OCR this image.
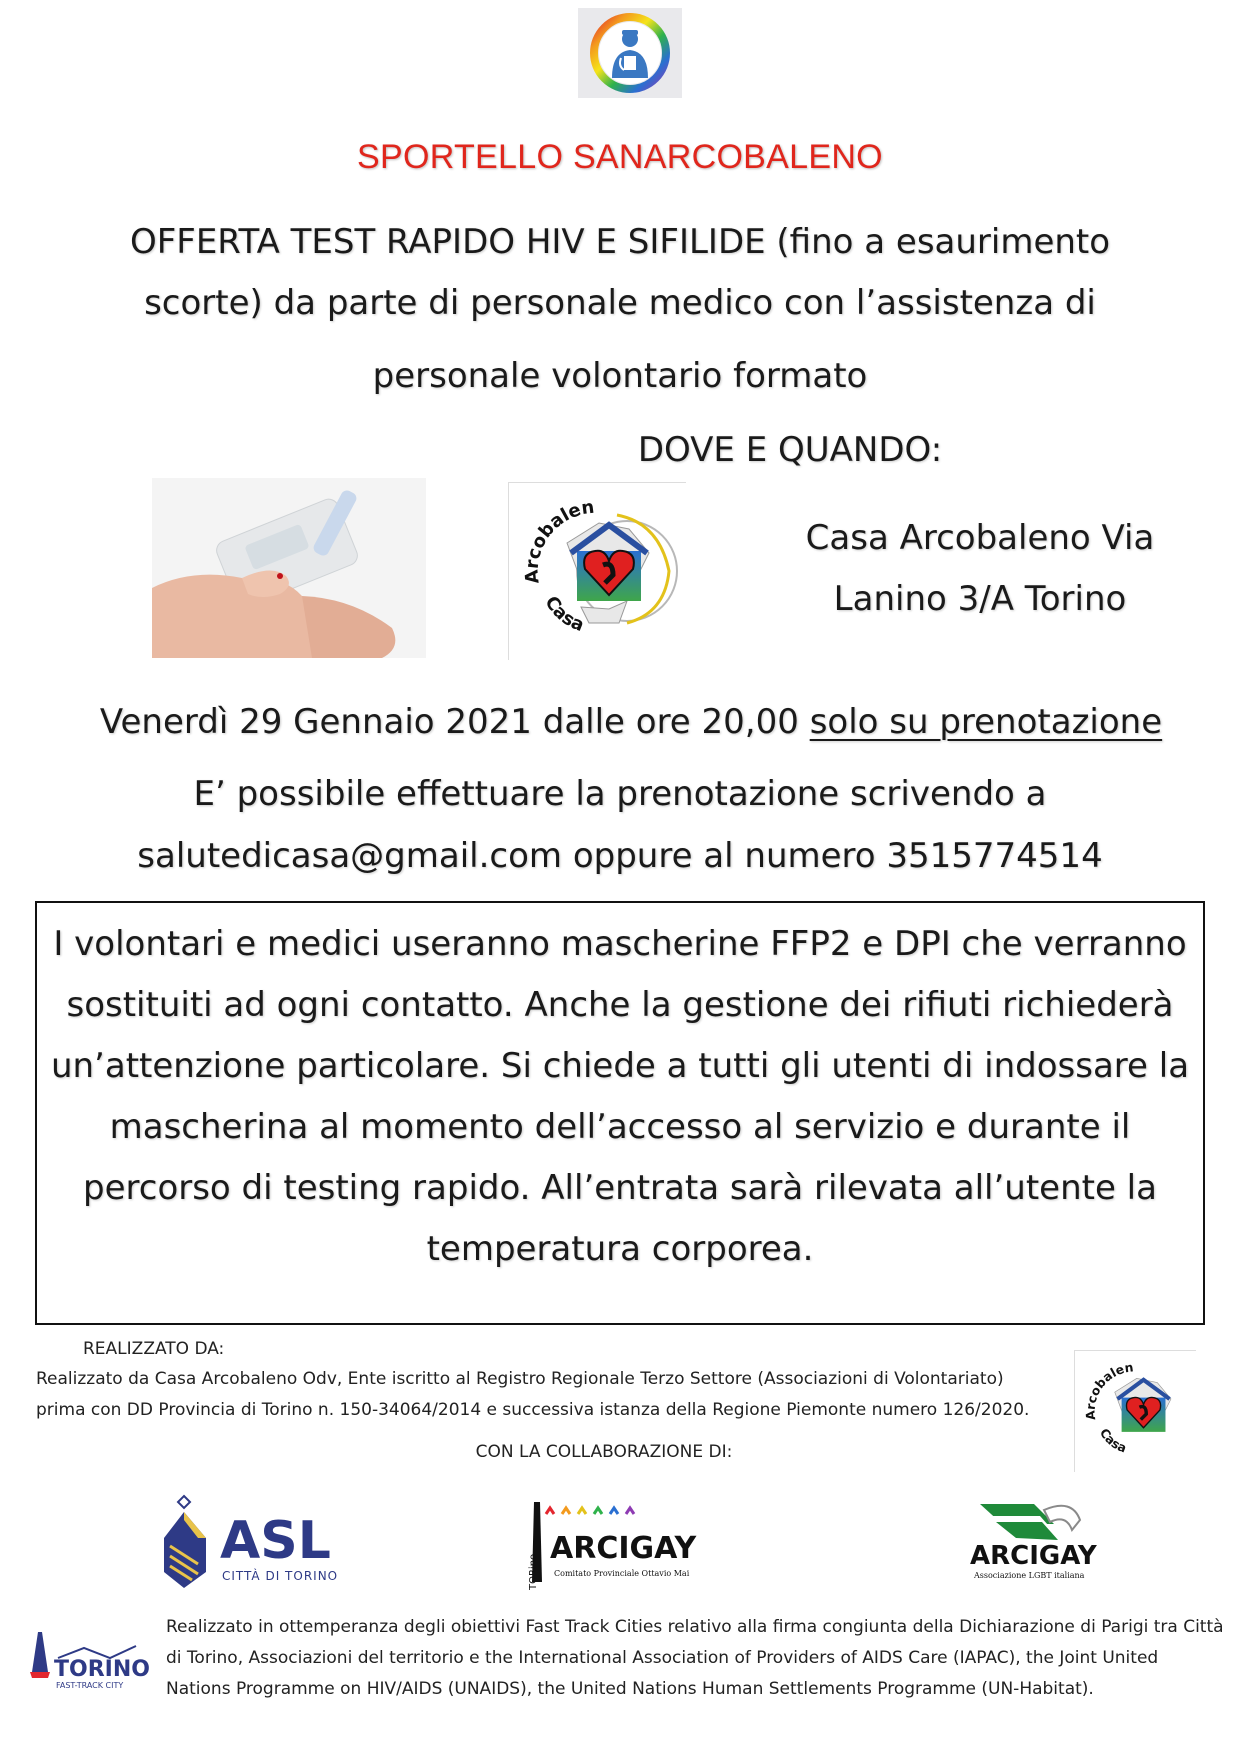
SPORTELLO SANARCOBALENO
OFFERTA TEST RAPIDO HIV E SIFILIDE (fino a esaurimento
scorte) da parte di personale medico con l’assistenza di
personale volontario formato
DOVE E QUANDO:
Arcobalen
Casa
Casa Arcobaleno Via
Lanino 3/A Torino
Venerdì 29 Gennaio 2021 dalle ore 20,00 solo su prenotazione
E’ possibile effettuare la prenotazione scrivendo a
salutedicasa@gmail.com oppure al numero 3515774514
I volontari e medici useranno mascherine FFP2 e DPI che verranno sostituiti ad ogni contatto. Anche la gestione dei rifiuti richiederà un’attenzione particolare. Si chiede a tutti gli utenti di indossare la mascherina al momento dell’accesso al servizio e durante il percorso di testing rapido. All’entrata sarà rilevata all’utente la temperatura corporea.
REALIZZATO DA:
Realizzato da Casa Arcobaleno Odv, Ente iscritto al Registro Regionale Terzo Settore (Associazioni di Volontariato)
prima con DD Provincia di Torino n. 150-34064/2014 e successiva istanza della Regione Piemonte numero 126/2020.
CON LA COLLABORAZIONE DI:
Arcobalen
Casa
ASL
CITTÀ DI TORINO	TORino
ARCIGAY
Comitato Provinciale Ottavio Mai
ARCIGAY
Associazione LGBT italiana
TORINO
FAST-TRACK CITY
Realizzato in ottemperanza degli obiettivi Fast Track Cities relativo alla firma congiunta della Dichiarazione di Parigi tra Città di Torino, Associazioni del territorio e the International Association of Providers of AIDS Care (IAPAC), the Joint United Nations Programme on HIV/AIDS (UNAIDS), the United Nations Human Settlements Programme (UN-Habitat).
